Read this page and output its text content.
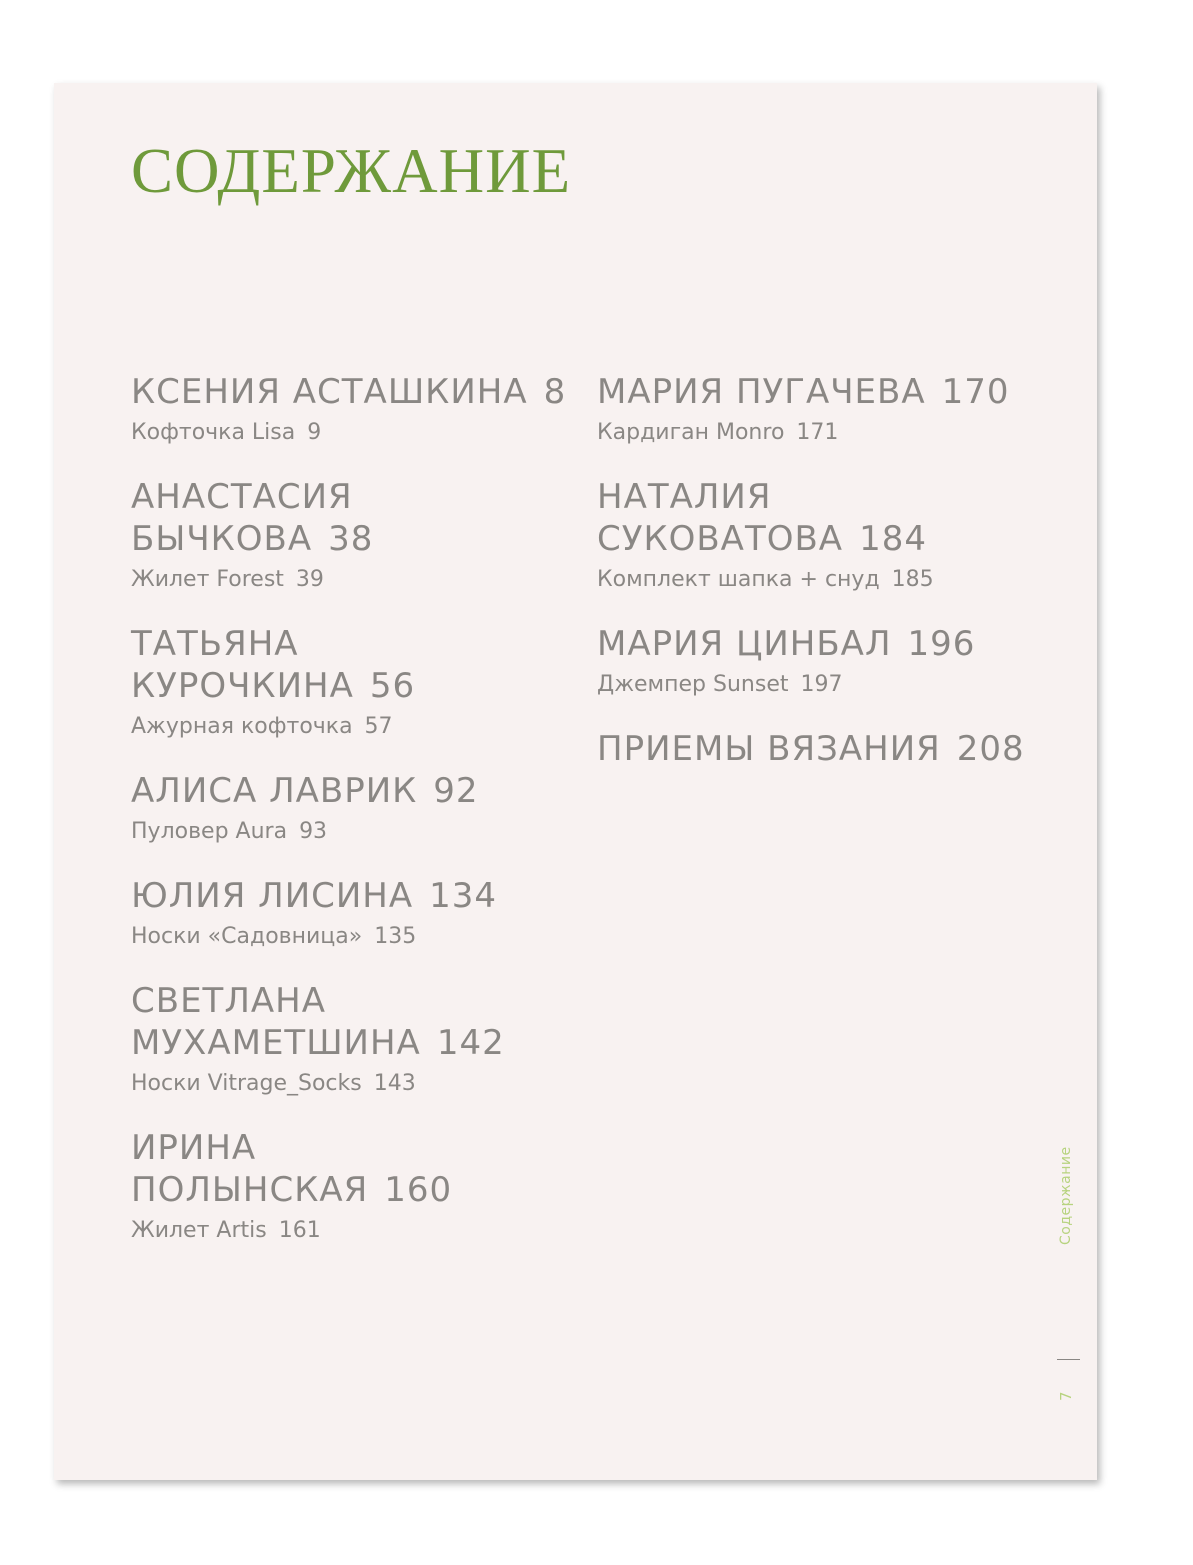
СОДЕРЖАНИЕ
КСЕНИЯ АСТАШКИНА 8
Кофточка Lisa 9
АНАСТАСИЯ БЫЧКОВА 38
Жилет Forest 39
ТАТЬЯНА КУРОЧКИНА 56
Ажурная кофточка 57
АЛИСА ЛАВРИК 92
Пуловер Aura 93
ЮЛИЯ ЛИСИНА 134
Носки «Садовница» 135
СВЕТЛАНА МУХАМЕТШИНА 142
Носки Vitrage_Socks 143
ИРИНА ПОЛЫНСКАЯ 160
Жилет Artis 161
МАРИЯ ПУГАЧЕВА 170
Кардиган Monro 171
НАТАЛИЯ СУКОВАТОВА 184
Комплект шапка + снуд 185
МАРИЯ ЦИНБАЛ 196
Джемпер Sunset 197
ПРИЕМЫ ВЯЗАНИЯ 208
Содержание
7
